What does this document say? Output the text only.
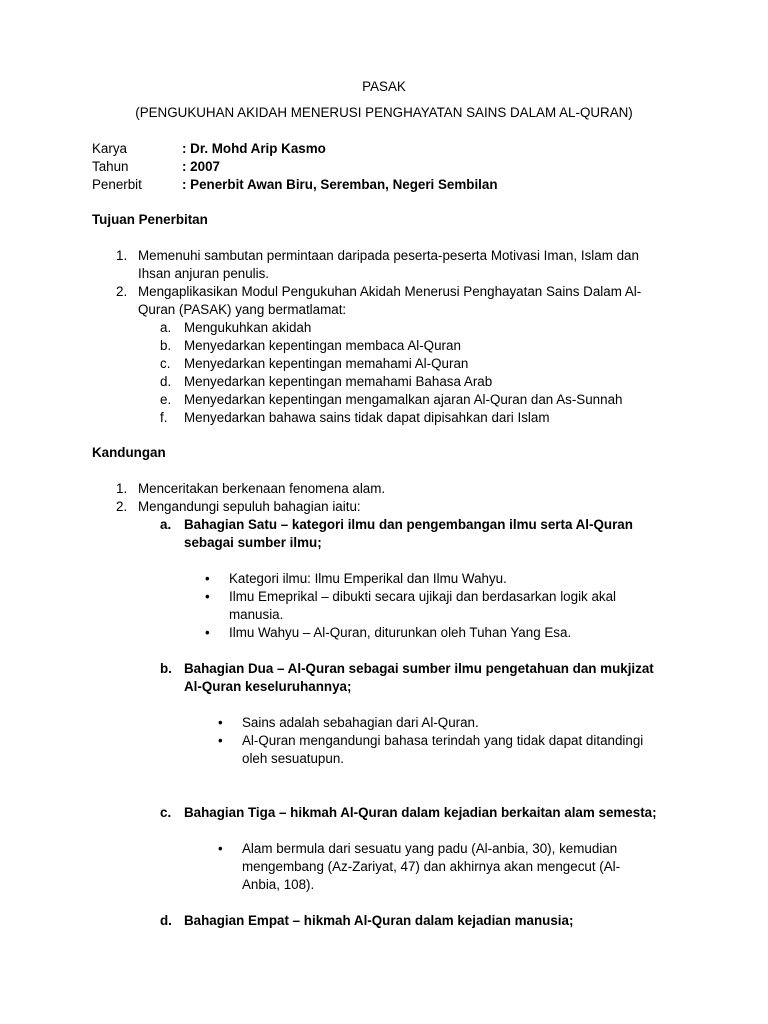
PASAK
(PENGUKUHAN AKIDAH MENERUSI PENGHAYATAN SAINS DALAM AL-QURAN)
Karya	: Dr. Mohd Arip Kasmo
Tahun	: 2007
Penerbit	: Penerbit Awan Biru, Seremban, Negeri Sembilan
Tujuan Penerbitan
1. Memenuhi sambutan permintaan daripada peserta-peserta Motivasi Iman, Islam dan
Ihsan anjuran penulis.
2. Mengaplikasikan Modul Pengukuhan Akidah Menerusi Penghayatan Sains Dalam Al-
Quran (PASAK) yang bermatlamat:
a. Mengukuhkan akidah
b. Menyedarkan kepentingan membaca Al-Quran
c. Menyedarkan kepentingan memahami Al-Quran
d. Menyedarkan kepentingan memahami Bahasa Arab
e. Menyedarkan kepentingan mengamalkan ajaran Al-Quran dan As-Sunnah
f. Menyedarkan bahawa sains tidak dapat dipisahkan dari Islam
Kandungan
1. Menceritakan berkenaan fenomena alam.
2. Mengandungi sepuluh bahagian iaitu:
a. Bahagian Satu – kategori ilmu dan pengembangan ilmu serta Al-Quran
sebagai sumber ilmu;
• Kategori ilmu: Ilmu Emperikal dan Ilmu Wahyu.
• Ilmu Emeprikal – dibukti secara ujikaji dan berdasarkan logik akal
manusia.
• Ilmu Wahyu – Al-Quran, diturunkan oleh Tuhan Yang Esa.
b. Bahagian Dua – Al-Quran sebagai sumber ilmu pengetahuan dan mukjizat
Al-Quran keseluruhannya;
• Sains adalah sebahagian dari Al-Quran.
• Al-Quran mengandungi bahasa terindah yang tidak dapat ditandingi
oleh sesuatupun.
c. Bahagian Tiga – hikmah Al-Quran dalam kejadian berkaitan alam semesta;
• Alam bermula dari sesuatu yang padu (Al-anbia, 30), kemudian
mengembang (Az-Zariyat, 47) dan akhirnya akan mengecut (Al-
Anbia, 108).
d. Bahagian Empat – hikmah Al-Quran dalam kejadian manusia;
